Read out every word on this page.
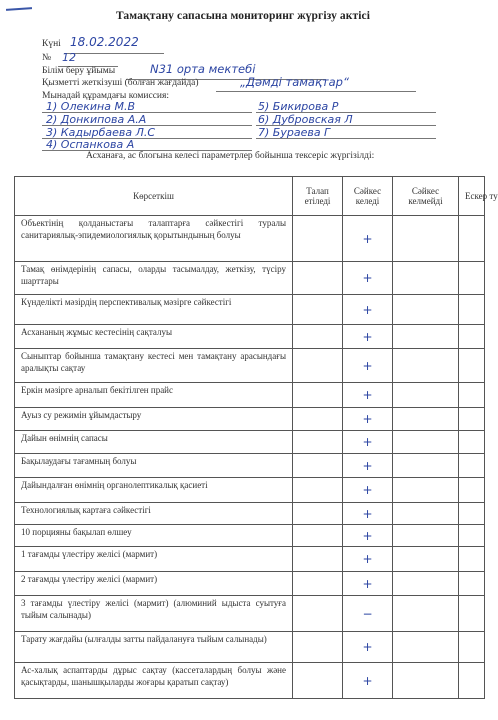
Тамақтану сапасына мониторинг жүргізу актісі
Күні 18.02.2022
№ 12
Білім беру ұйымы	N31 орта мектебі
Қызметті жеткізуші (болған жағдайда)	„Дәмді тамақтар“
Мынадай құрамдағы комиссия:
1) Олекина М.В	5) Бикирова Р
2) Донкипова А.А	6) Дубровская Л
3) Кадырбаева Л.С	7) Бураева Г
4) Оспанкова А
Асханаға, ас блогына келесі параметрлер бойынша тексеріс жүргізілді:
Көрсеткіш	Талап етіледі	Сәйкес келеді	Сәйкес келмейді	Ескер ту
Объектінің қолданыстағы талаптарға сәйкестігі туралы санитариялық-эпидемиологиялық қорытындының болуы		+		
Тамақ өнімдерінің сапасы, оларды тасымалдау, жеткізу, түсіру шарттары		+		
Күнделікті мәзірдің перспективалық мәзірге сәйкестігі		+		
Асхананың жұмыс кестесінің сақталуы		+		
Сыныптар бойынша тамақтану кестесі мен тамақтану арасындағы аралықты сақтау		+		
Еркін мәзірге арналып бекітілген прайс		+		
Ауыз су режимін ұйымдастыру		+		
Дайын өнімнің сапасы		+		
Бақылаудағы тағамның болуы		+		
Дайындалған өнімнің органолептикалық қасиеті		+		
Технологиялық картаға сәйкестігі		+		
10 порцияны бақылап өлшеу		+		
1 тағамды үлестіру желісі (мармит)		+		
2 тағамды үлестіру желісі (мармит)		+		
3 тағамды үлестіру желісі (мармит) (алюминий ыдыста суытуға тыйым салынады)		−		
Тарату жағдайы (ылғалды затты пайдалануға тыйым салынады)		+		
Ас-халық аспаптарды дұрыс сақтау (кассеталардың болуы және қасықтарды, шанышқыларды жоғары қаратып сақтау)		+		
